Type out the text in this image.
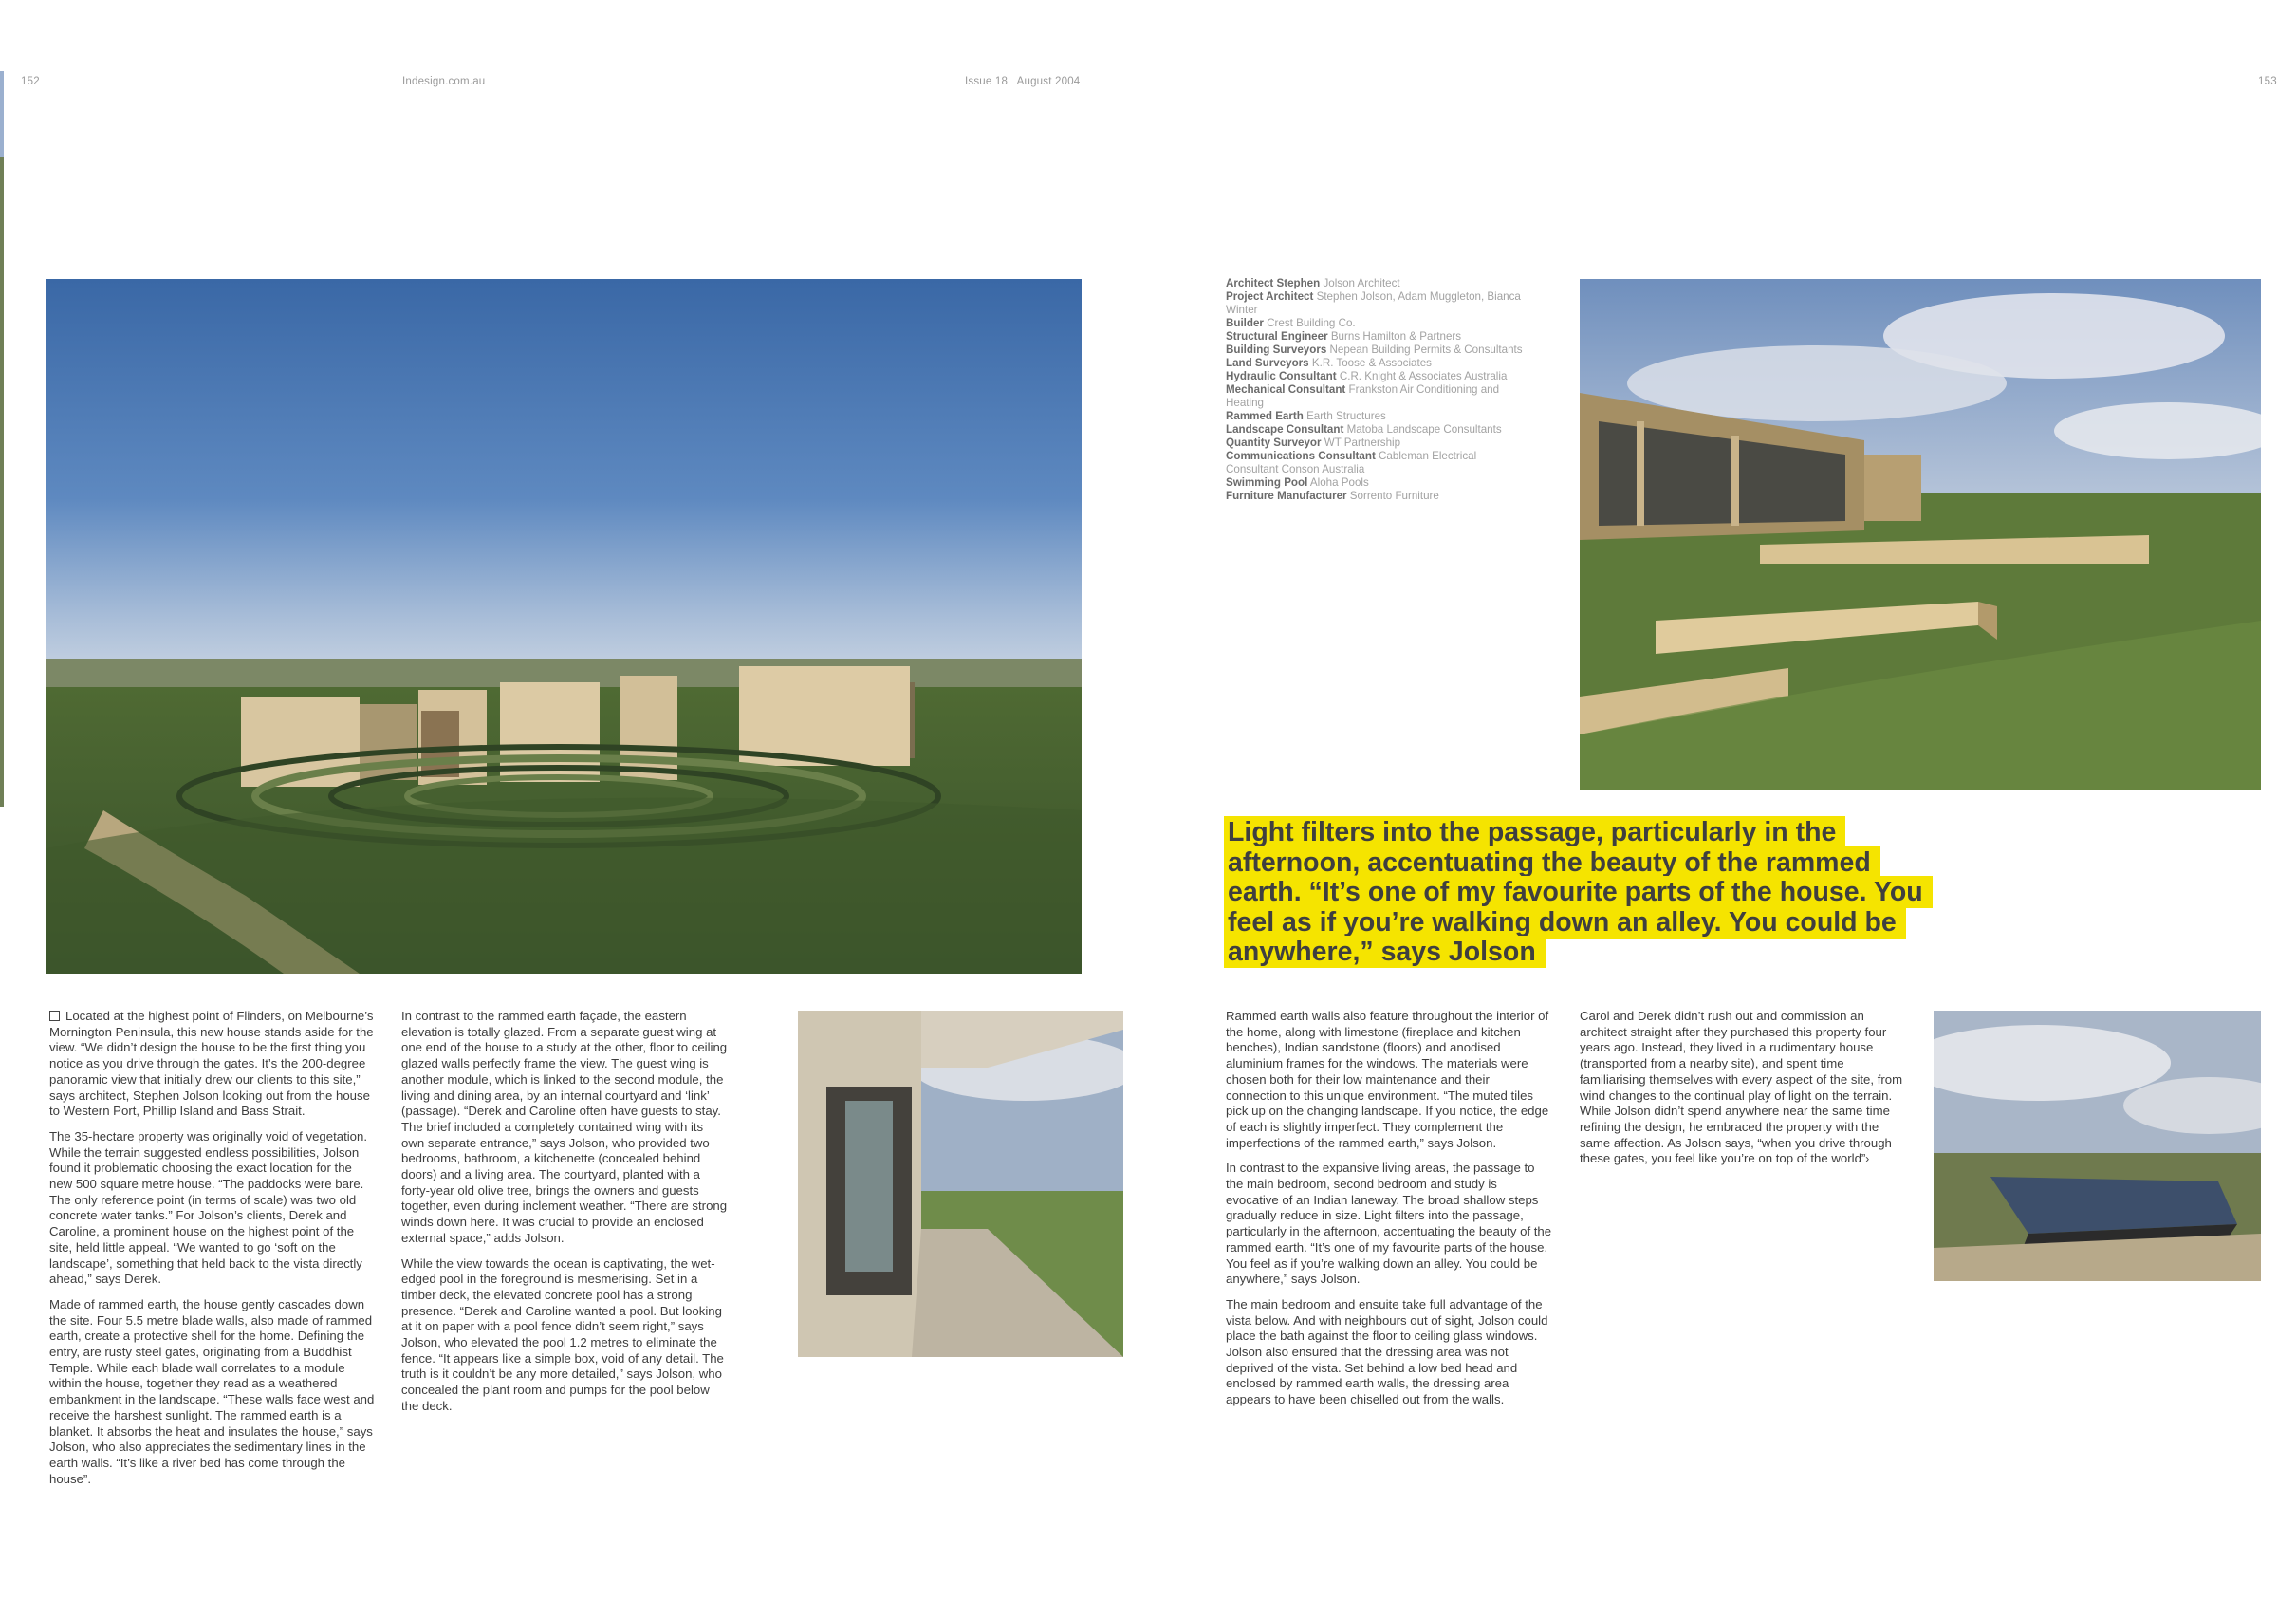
152	Indesign.com.au	Issue 18   August 2004	153
Architect Stephen Jolson Architect
Project Architect Stephen Jolson, Adam Muggleton, Bianca Winter
Builder Crest Building Co.
Structural Engineer Burns Hamilton & Partners
Building Surveyors Nepean Building Permits & Consultants
Land Surveyors K.R. Toose & Associates
Hydraulic Consultant C.R. Knight & Associates Australia
Mechanical Consultant Frankston Air Conditioning and Heating
Rammed Earth Earth Structures
Landscape Consultant Matoba Landscape Consultants
Quantity Surveyor WT Partnership
Communications Consultant Cableman Electrical Consultant Conson Australia
Swimming Pool Aloha Pools
Furniture Manufacturer Sorrento Furniture
Light filters into the passage, particularly in the afternoon, accentuating the beauty of the rammed earth. “It’s one of my favourite parts of the house. You feel as if you’re walking down an alley. You could be anywhere,” says Jolson

Located at the highest point of Flinders, on Melbourne’s Mornington Peninsula, this new house stands aside for the view. “We didn’t design the house to be the first thing you notice as you drive through the gates. It’s the 200-degree panoramic view that initially drew our clients to this site,” says architect, Stephen Jolson looking out from the house to Western Port, Phillip Island and Bass Strait.

The 35-hectare property was originally void of vegetation. While the terrain suggested endless possibilities, Jolson found it problematic choosing the exact location for the new 500 square metre house. “The paddocks were bare. The only reference point (in terms of scale) was two old concrete water tanks.” For Jolson’s clients, Derek and Caroline, a prominent house on the highest point of the site, held little appeal. “We wanted to go ‘soft on the landscape’, something that held back to the vista directly ahead,” says Derek.

Made of rammed earth, the house gently cascades down the site. Four 5.5 metre blade walls, also made of rammed earth, create a protective shell for the home. Defining the entry, are rusty steel gates, originating from a Buddhist Temple. While each blade wall correlates to a module within the house, together they read as a weathered embankment in the landscape. “These walls face west and receive the harshest sunlight. The rammed earth is a blanket. It absorbs the heat and insulates the house,” says Jolson, who also appreciates the sedimentary lines in the earth walls. “It’s like a river bed has come through the house”.

In contrast to the rammed earth façade, the eastern elevation is totally glazed. From a separate guest wing at one end of the house to a study at the other, floor to ceiling glazed walls perfectly frame the view. The guest wing is another module, which is linked to the second module, the living and dining area, by an internal courtyard and ‘link’ (passage). “Derek and Caroline often have guests to stay. The brief included a completely contained wing with its own separate entrance,” says Jolson, who provided two bedrooms, bathroom, a kitchenette (concealed behind doors) and a living area. The courtyard, planted with a forty-year old olive tree, brings the owners and guests together, even during inclement weather. “There are strong winds down here. It was crucial to provide an enclosed external space,” adds Jolson.

While the view towards the ocean is captivating, the wet-edged pool in the foreground is mesmerising. Set in a timber deck, the elevated concrete pool has a strong presence. “Derek and Caroline wanted a pool. But looking at it on paper with a pool fence didn’t seem right,” says Jolson, who elevated the pool 1.2 metres to eliminate the fence. “It appears like a simple box, void of any detail. The truth is it couldn’t be any more detailed,” says Jolson, who concealed the plant room and pumps for the pool below the deck.

Rammed earth walls also feature throughout the interior of the home, along with limestone (fireplace and kitchen benches), Indian sandstone (floors) and anodised aluminium frames for the windows. The materials were chosen both for their low maintenance and their connection to this unique environment. “The muted tiles pick up on the changing landscape. If you notice, the edge of each is slightly imperfect. They complement the imperfections of the rammed earth,” says Jolson.

In contrast to the expansive living areas, the passage to the main bedroom, second bedroom and study is evocative of an Indian laneway. The broad shallow steps gradually reduce in size. Light filters into the passage, particularly in the afternoon, accentuating the beauty of the rammed earth. “It’s one of my favourite parts of the house. You feel as if you’re walking down an alley. You could be anywhere,” says Jolson.

The main bedroom and ensuite take full advantage of the vista below. And with neighbours out of sight, Jolson could place the bath against the floor to ceiling glass windows. Jolson also ensured that the dressing area was not deprived of the vista. Set behind a low bed head and enclosed by rammed earth walls, the dressing area appears to have been chiselled out from the walls.

Carol and Derek didn’t rush out and commission an architect straight after they purchased this property four years ago. Instead, they lived in a rudimentary house (transported from a nearby site), and spent time familiarising themselves with every aspect of the site, from wind changes to the continual play of light on the terrain. While Jolson didn’t spend anywhere near the same time refining the design, he embraced the property with the same affection. As Jolson says, “when you drive through these gates, you feel like you’re on top of the world”›
